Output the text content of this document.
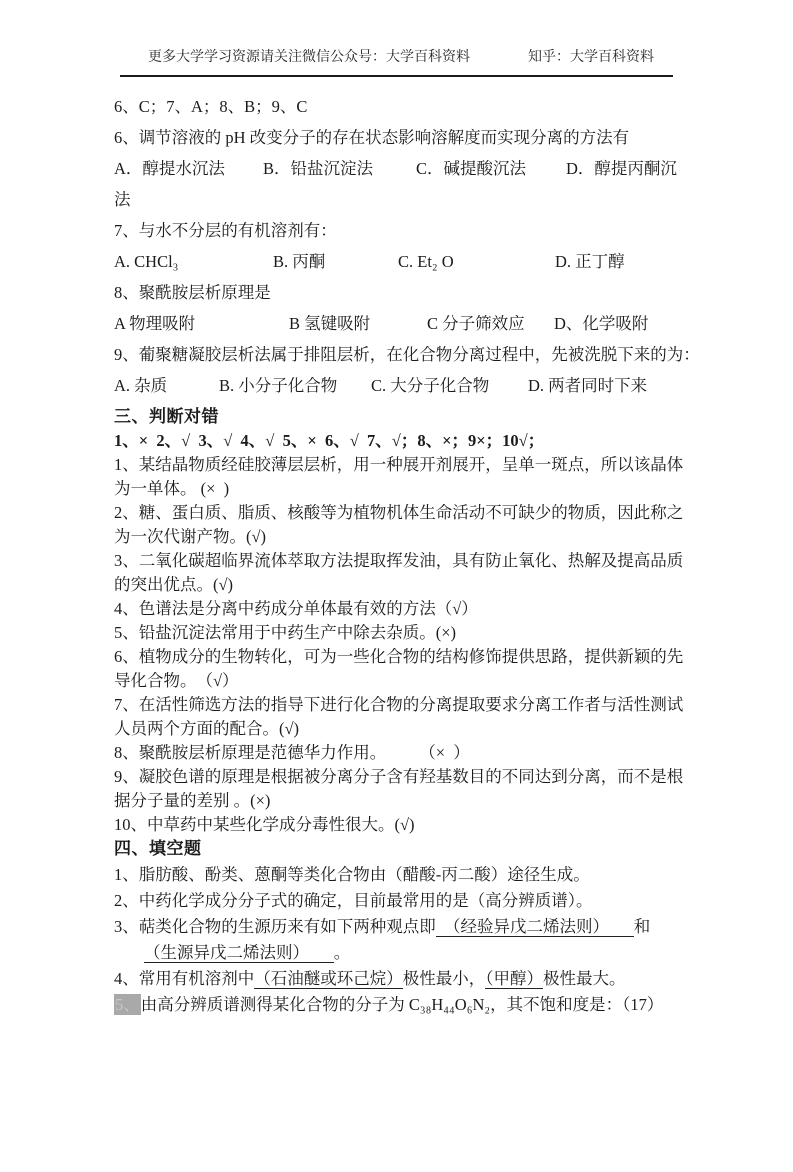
更多大学学习资源请关注微信公众号：大学百科资料	知乎：大学百科资料

6、C；7、A；8、B；9、C

6、调节溶液的 pH 改变分子的存在状态影响溶解度而实现分离的方法有

A．醇提水沉法	B．铅盐沉淀法	C．碱提酸沉法	D．醇提丙酮沉

法

7、与水不分层的有机溶剂有：

A. CHCl₃	B. 丙酮	C. Et₂ O	D. 正丁醇

8、聚酰胺层析原理是

A 物理吸附	B 氢键吸附	C 分子筛效应	D、化学吸附

9、葡聚糖凝胶层析法属于排阻层析，在化合物分离过程中，先被洗脱下来的为：

A. 杂质	B. 小分子化合物	C. 大分子化合物	D. 两者同时下来

三、判断对错

1、×  2、√  3、√  4、√  5、×  6、√  7、√；8、×；9×；10√；

1、某结晶物质经硅胶薄层层析，用一种展开剂展开，呈单一斑点，所以该晶体

为一单体。 (×  )

2、糖、蛋白质、脂质、核酸等为植物机体生命活动不可缺少的物质，因此称之

为一次代谢产物。(√)

3、二氧化碳超临界流体萃取方法提取挥发油，具有防止氧化、热解及提高品质

的突出优点。(√)

4、色谱法是分离中药成分单体最有效的方法（√）

5、铅盐沉淀法常用于中药生产中除去杂质。(×)

6、植物成分的生物转化，可为一些化合物的结构修饰提供思路，提供新颖的先

导化合物。　（√）

7、在活性筛选方法的指导下进行化合物的分离提取要求分离工作者与活性测试

人员两个方面的配合。(√)

8、聚酰胺层析原理是范德华力作用。　　　（×  ）

9、凝胶色谱的原理是根据被分离分子含有羟基数目的不同达到分离，而不是根

据分子量的差别 。(×)

10、中草药中某些化学成分毒性很大。(√)

四、填空题

1、脂肪酸、酚类、蒽酮等类化合物由（醋酸-丙二酸）途径生成。

2、中药化学成分分子式的确定，目前最常用的是（高分辨质谱）。

3、萜类化合物的生源历来有如下两种观点即　（经验异戊二烯法则）　　和

（生源异戊二烯法则）　　。

4、常用有机溶剂中（石油醚或环己烷）极性最小，（甲醇）极性最大。

5、由高分辨质谱测得某化合物的分子为 C₃₈H₄₄O₆N₂，其不饱和度是：（17）
